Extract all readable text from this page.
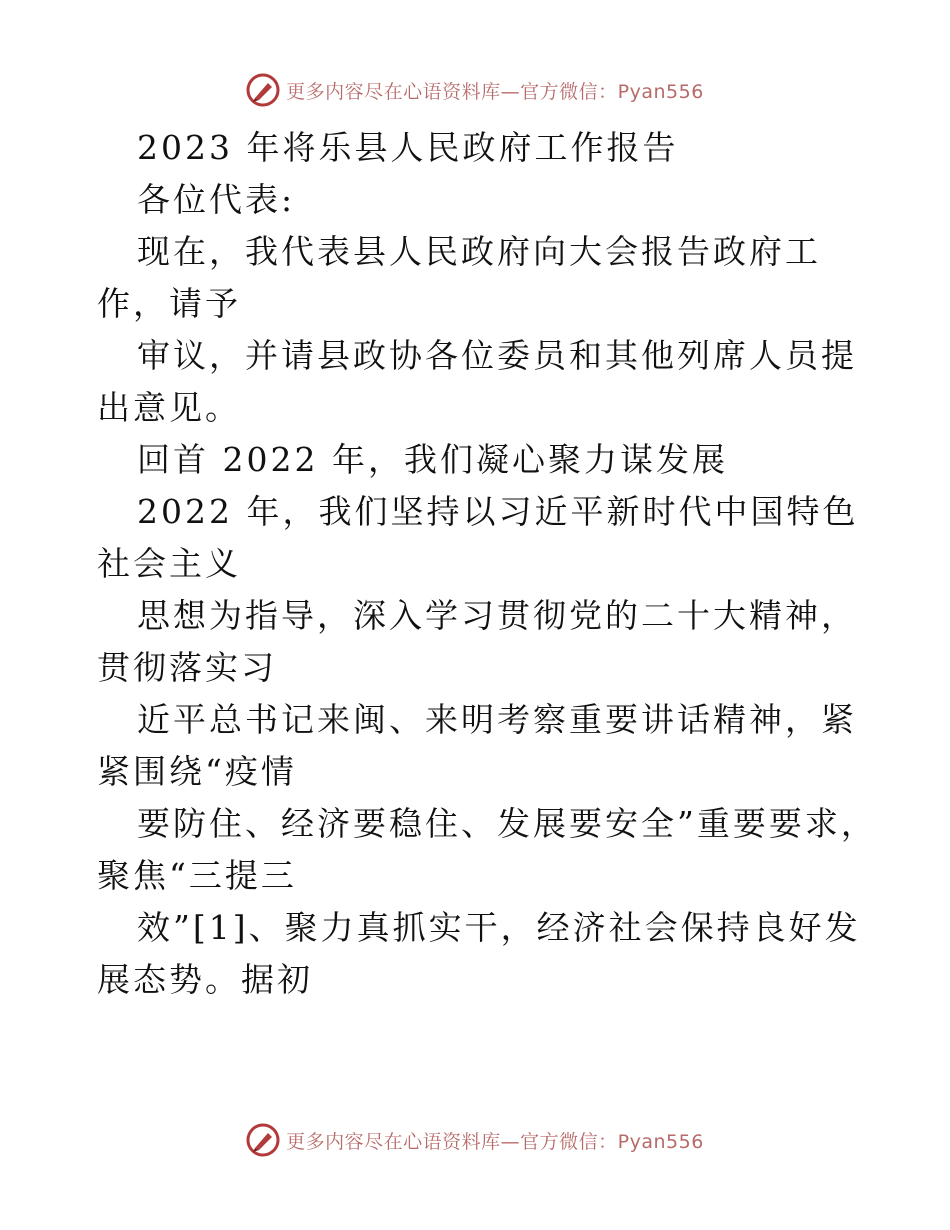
更多内容尽在心语资料库—官方微信：Pyan556

2023 年将乐县人民政府工作报告

各位代表:

现在，我代表县人民政府向大会报告政府工作，请予

审议，并请县政协各位委员和其他列席人员提出意见。

回首 2022 年，我们凝心聚力谋发展

2022 年，我们坚持以习近平新时代中国特色社会主义

思想为指导，深入学习贯彻党的二十大精神，贯彻落实习

近平总书记来闽、来明考察重要讲话精神，紧紧围绕“疫情

要防住、经济要稳住、发展要安全”重要要求，聚焦“三提三

效”[1]、聚力真抓实干，经济社会保持良好发展态势。据初

更多内容尽在心语资料库—官方微信：Pyan556
